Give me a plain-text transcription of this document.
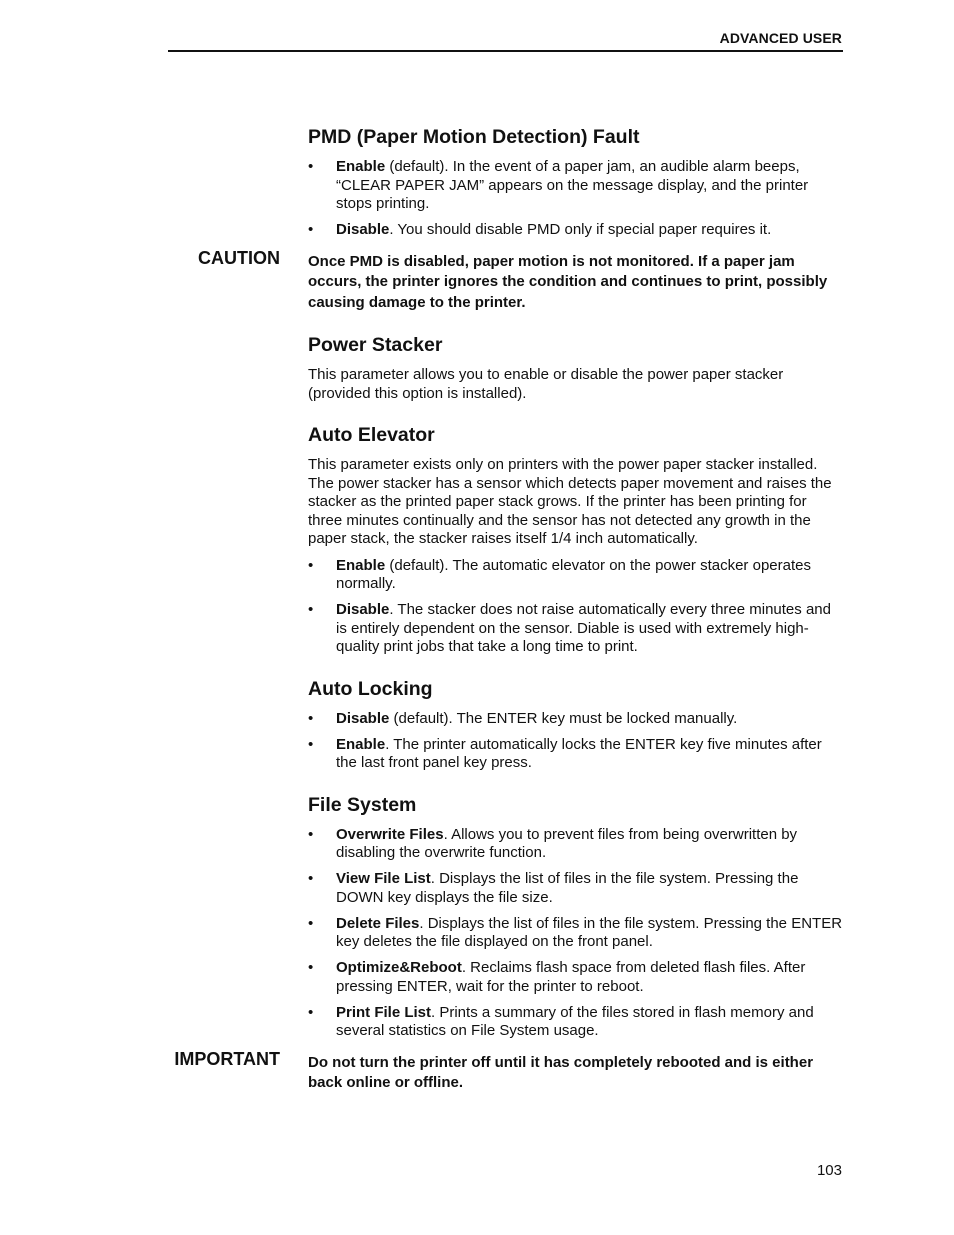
ADVANCED USER
PMD (Paper Motion Detection) Fault
• Enable (default). In the event of a paper jam, an audible alarm beeps, “CLEAR PAPER JAM” appears on the message display, and the printer stops printing.
• Disable. You should disable PMD only if special paper requires it.
CAUTION Once PMD is disabled, paper motion is not monitored. If a paper jam occurs, the printer ignores the condition and continues to print, possibly causing damage to the printer.
Power Stacker

This parameter allows you to enable or disable the power paper stacker (provided this option is installed).

Auto Elevator

This parameter exists only on printers with the power paper stacker installed. The power stacker has a sensor which detects paper movement and raises the stacker as the printed paper stack grows. If the printer has been printing for three minutes continually and the sensor has not detected any growth in the paper stack, the stacker raises itself 1/4 inch automatically.

• Enable (default). The automatic elevator on the power stacker operates normally.
• Disable. The stacker does not raise automatically every three minutes and is entirely dependent on the sensor. Diable is used with extremely high-quality print jobs that take a long time to print.
Auto Locking
• Disable (default). The ENTER key must be locked manually.
• Enable. The printer automatically locks the ENTER key five minutes after the last front panel key press.
File System
• Overwrite Files. Allows you to prevent files from being overwritten by disabling the overwrite function.
• View File List. Displays the list of files in the file system. Pressing the DOWN key displays the file size.
• Delete Files. Displays the list of files in the file system. Pressing the ENTER key deletes the file displayed on the front panel.
• Optimize&Reboot. Reclaims flash space from deleted flash files. After pressing ENTER, wait for the printer to reboot.
• Print File List. Prints a summary of the files stored in flash memory and several statistics on File System usage.
IMPORTANT Do not turn the printer off until it has completely rebooted and is either back online or offline.
103
